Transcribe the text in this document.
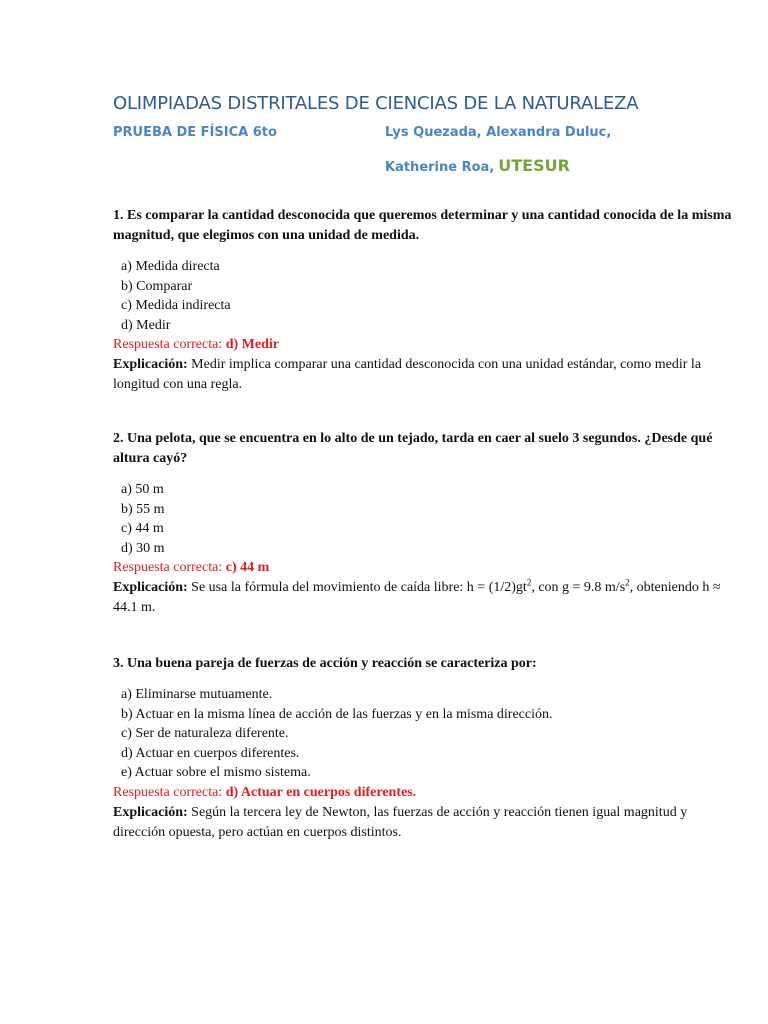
OLIMPIADAS DISTRITALES DE CIENCIAS DE LA NATURALEZA
PRUEBA DE FÍSICA 6to	Lys Quezada, Alexandra Duluc,
Katherine Roa, UTESUR
1. Es comparar la cantidad desconocida que queremos determinar y una cantidad conocida de la misma magnitud, que elegimos con una unidad de medida.
a) Medida directa
b) Comparar
c) Medida indirecta
d) Medir
Respuesta correcta: d) Medir
Explicación: Medir implica comparar una cantidad desconocida con una unidad estándar, como medir la longitud con una regla.
2. Una pelota, que se encuentra en lo alto de un tejado, tarda en caer al suelo 3 segundos. ¿Desde qué altura cayó?
a) 50 m
b) 55 m
c) 44 m
d) 30 m
Respuesta correcta: c) 44 m
Explicación: Se usa la fórmula del movimiento de caída libre: $h = (1/2)gt^2$, con g = 9.8 $m/s^2$, obteniendo h ≈ 44.1 m.
3. Una buena pareja de fuerzas de acción y reacción se caracteriza por:
a) Eliminarse mutuamente.
b) Actuar en la misma línea de acción de las fuerzas y en la misma dirección.
c) Ser de naturaleza diferente.
d) Actuar en cuerpos diferentes.
e) Actuar sobre el mismo sistema.
Respuesta correcta: d) Actuar en cuerpos diferentes.
Explicación: Según la tercera ley de Newton, las fuerzas de acción y reacción tienen igual magnitud y dirección opuesta, pero actúan en cuerpos distintos.
